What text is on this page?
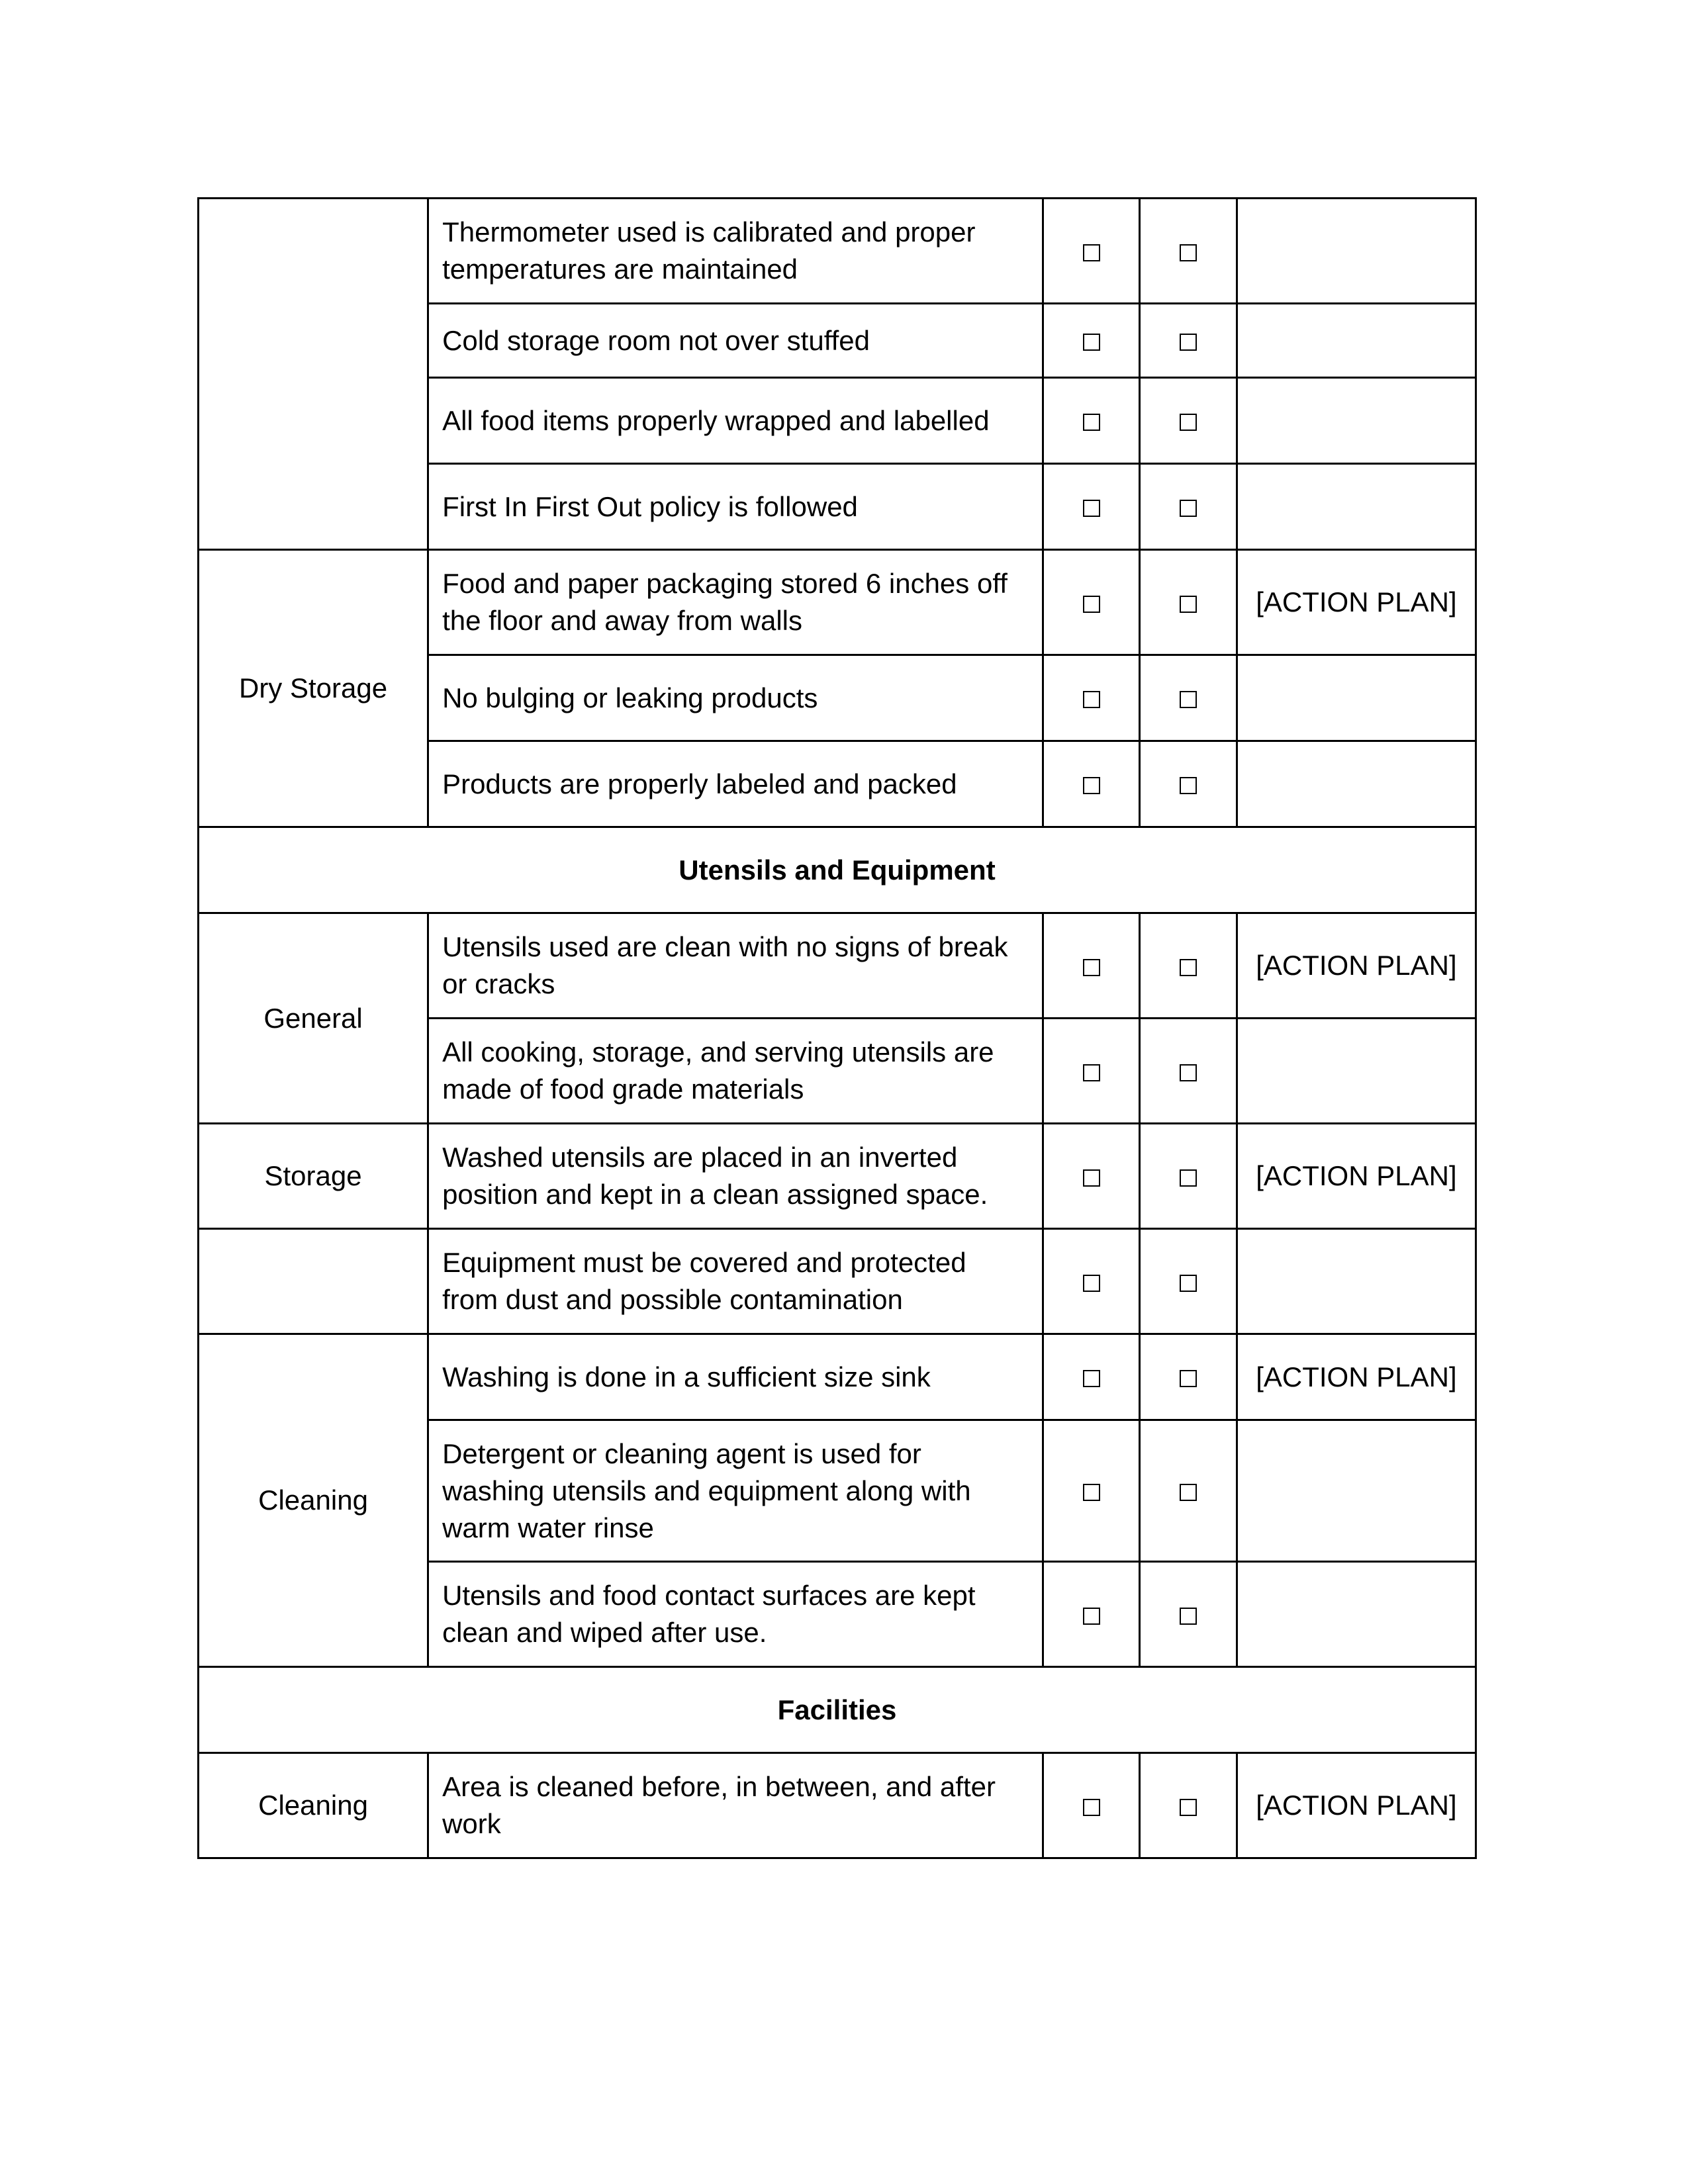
	Thermometer used is calibrated and proper temperatures are maintained			
	Cold storage room not over stuffed			
	All food items properly wrapped and labelled			
	First In First Out policy is followed			
Dry Storage	Food and paper packaging stored 6 inches off the floor and away from walls			[ACTION PLAN]
	No bulging or leaking products			
	Products are properly labeled and packed			
Utensils and Equipment				
General	Utensils used are clean with no signs of break or cracks			[ACTION PLAN]
	All cooking, storage, and serving utensils are made of food grade materials			
Storage	Washed utensils are placed in an inverted position and kept in a clean assigned space.			[ACTION PLAN]
	Equipment must be covered and protected from dust and possible contamination			
Cleaning	Washing is done in a sufficient size sink			[ACTION PLAN]
	Detergent or cleaning agent is used for washing utensils and equipment along with warm water rinse			
	Utensils and food contact surfaces are kept clean and wiped after use.			
Facilities				
Cleaning	Area is cleaned before, in between, and after work			[ACTION PLAN]
